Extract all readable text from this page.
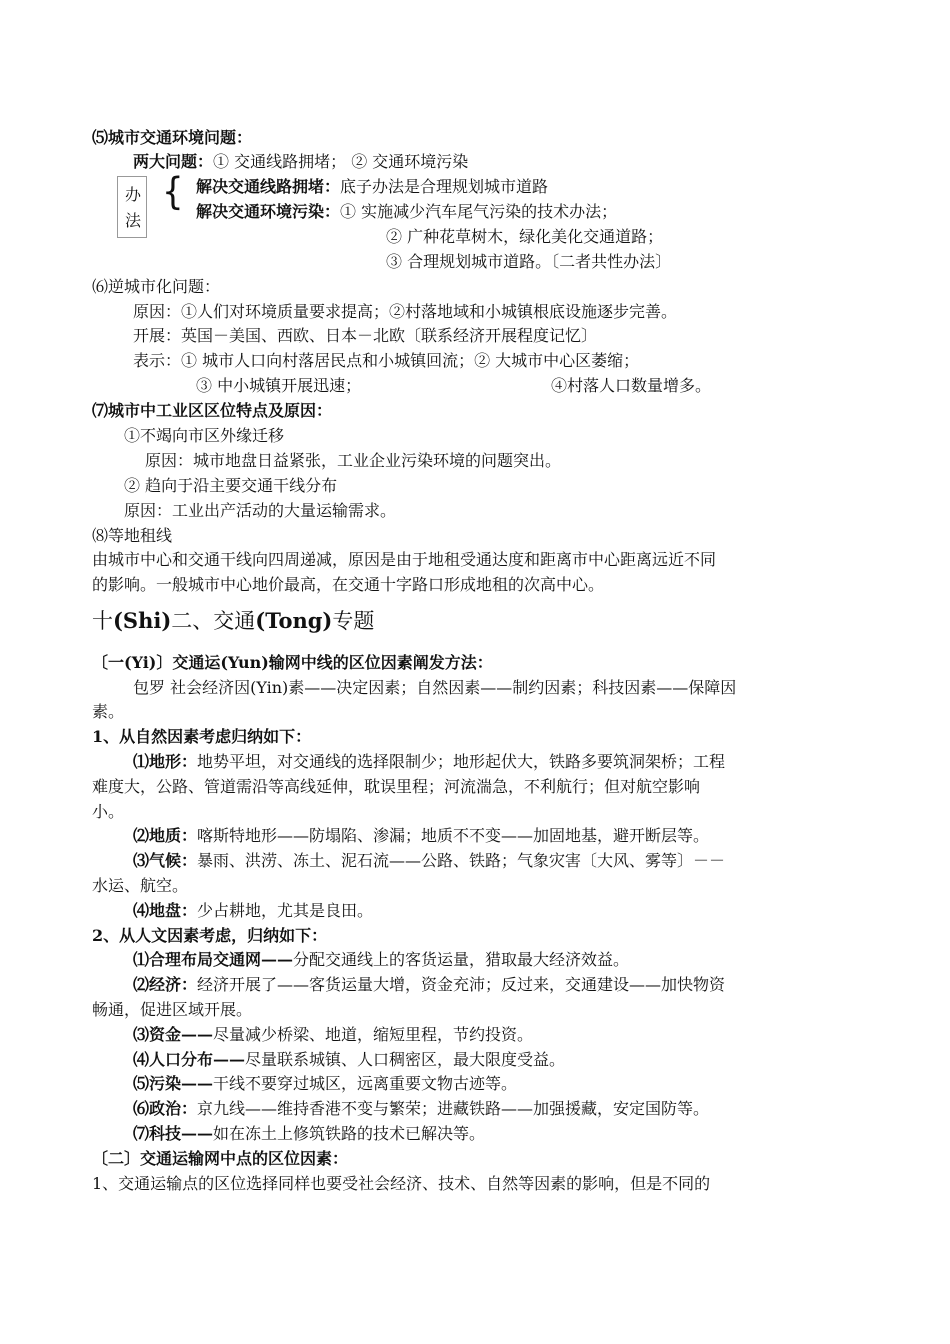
⑸城市交通环境问题：
两大问题：① 交通线路拥堵； ② 交通环境污染
办
法
{ 解决交通线路拥堵：底子办法是合理规划城市道路
解决交通环境污染：① 实施减少汽车尾气污染的技术办法；
② 广种花草树木，绿化美化交通道路；
③ 合理规划城市道路。〔二者共性办法〕
⑹逆城市化问题：
原因：①人们对环境质量要求提高；②村落地域和小城镇根底设施逐步完善。
开展：英国－美国、西欧、日本－北欧〔联系经济开展程度记忆〕
表示：① 城市人口向村落居民点和小城镇回流；② 大城市中心区萎缩；
③ 中小城镇开展迅速；	④村落人口数量增多。
⑺城市中工业区区位特点及原因：
①不竭向市区外缘迁移
原因：城市地盘日益紧张，工业企业污染环境的问题突出。
② 趋向于沿主要交通干线分布
原因：工业出产活动的大量运输需求。
⑻等地租线
由城市中心和交通干线向四周递减，原因是由于地租受通达度和距离市中心距离远近不同
的影响。一般城市中心地价最高，在交通十字路口形成地租的次高中心。
十(Shi)二、交通(Tong)专题
〔一(Yi)〕交通运(Yun)输网中线的区位因素阐发方法：
包罗 社会经济因(Yin)素——决定因素；自然因素——制约因素；科技因素——保障因
素。
1、从自然因素考虑归纳如下：
⑴地形：地势平坦，对交通线的选择限制少；地形起伏大，铁路多要筑洞架桥；工程
难度大，公路、管道需沿等高线延伸，耽误里程；河流湍急，不利航行；但对航空影响
小。
⑵地质：喀斯特地形——防塌陷、渗漏；地质不不变——加固地基，避开断层等。
⑶气候：暴雨、洪涝、冻土、泥石流——公路、铁路；气象灾害〔大风、雾等〕－－
水运、航空。
⑷地盘：少占耕地，尤其是良田。
2、从人文因素考虑，归纳如下：
⑴合理布局交通网——分配交通线上的客货运量，猎取最大经济效益。
⑵经济：经济开展了——客货运量大增，资金充沛；反过来，交通建设——加快物资
畅通，促进区域开展。
⑶资金——尽量减少桥梁、地道，缩短里程，节约投资。
⑷人口分布——尽量联系城镇、人口稠密区，最大限度受益。
⑸污染——干线不要穿过城区，远离重要文物古迹等。
⑹政治：京九线——维持香港不变与繁荣；进藏铁路——加强援藏，安定国防等。
⑺科技——如在冻土上修筑铁路的技术已解决等。
〔二〕交通运输网中点的区位因素：
1、交通运输点的区位选择同样也要受社会经济、技术、自然等因素的影响，但是不同的
